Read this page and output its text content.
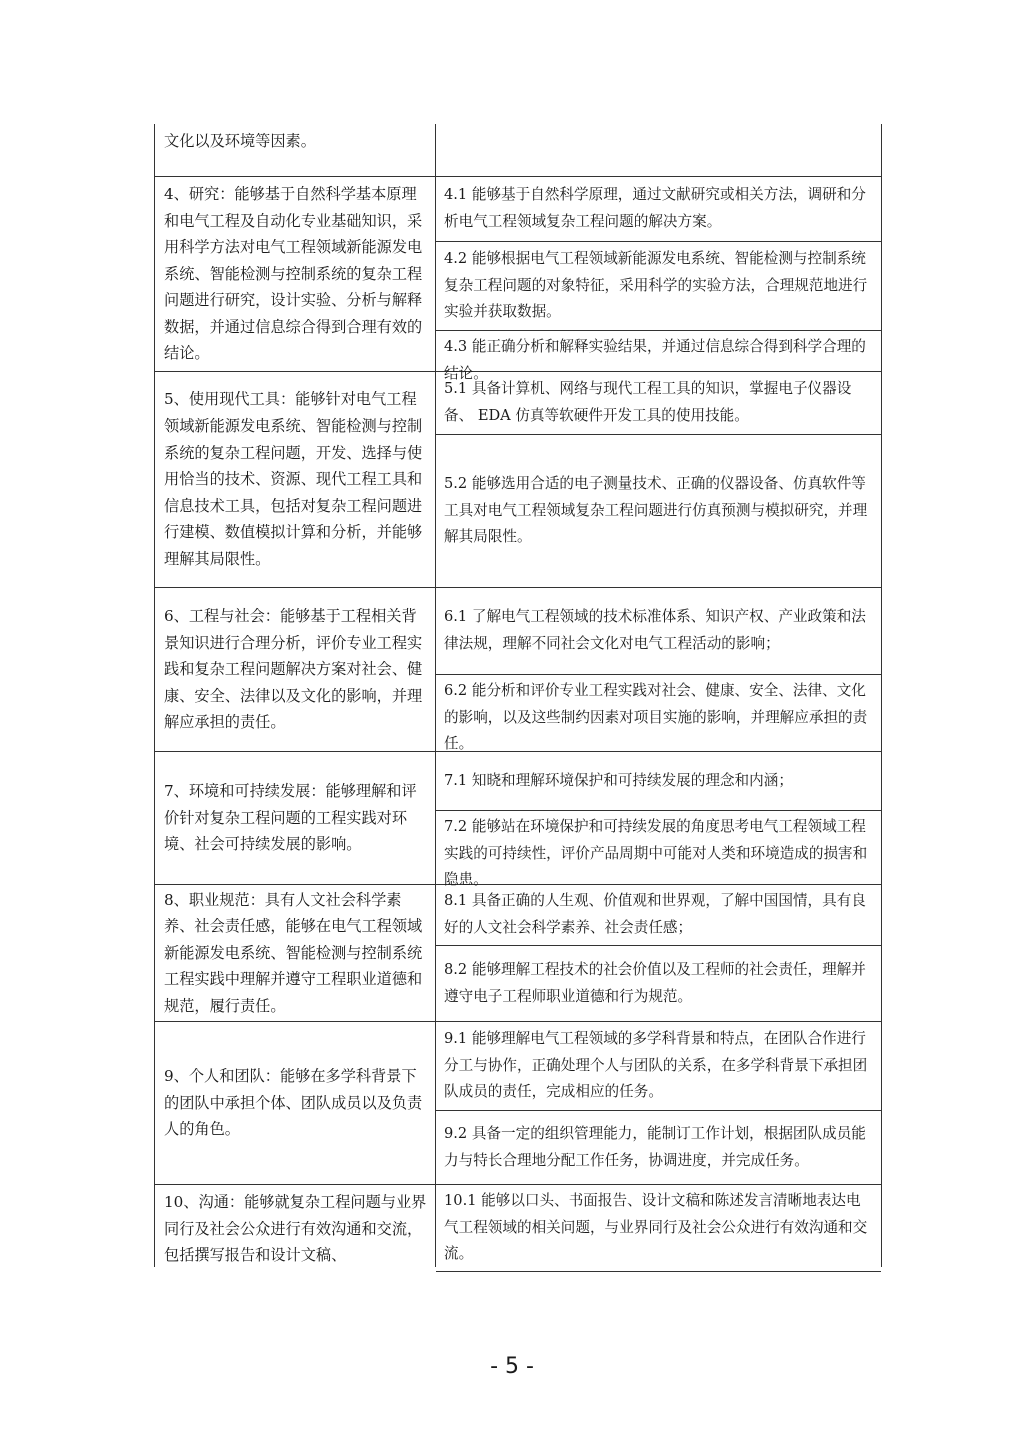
文化以及环境等因素。
4、研究：能够基于自然科学基本原理和电气工程及自动化专业基础知识，采用科学方法对电气工程领域新能源发电系统、智能检测与控制系统的复杂工程问题进行研究，设计实验、分析与解释数据，并通过信息综合得到合理有效的结论。
4.1 能够基于自然科学原理，通过文献研究或相关方法，调研和分析电气工程领域复杂工程问题的解决方案。
4.2 能够根据电气工程领域新能源发电系统、智能检测与控制系统复杂工程问题的对象特征，采用科学的实验方法，合理规范地进行实验并获取数据。
4.3 能正确分析和解释实验结果，并通过信息综合得到科学合理的结论。
5、使用现代工具：能够针对电气工程领域新能源发电系统、智能检测与控制系统的复杂工程问题，开发、选择与使用恰当的技术、资源、现代工程工具和信息技术工具，包括对复杂工程问题进行建模、数值模拟计算和分析，并能够理解其局限性。
5.1 具备计算机、网络与现代工程工具的知识，掌握电子仪器设备、 EDA 仿真等软硬件开发工具的使用技能。
5.2 能够选用合适的电子测量技术、正确的仪器设备、仿真软件等工具对电气工程领域复杂工程问题进行仿真预测与模拟研究，并理解其局限性。
6、工程与社会：能够基于工程相关背景知识进行合理分析，评价专业工程实践和复杂工程问题解决方案对社会、健康、安全、法律以及文化的影响，并理解应承担的责任。
6.1 了解电气工程领域的技术标准体系、知识产权、产业政策和法 律法规，理解不同社会文化对电气工程活动的影响；
6.2 能分析和评价专业工程实践对社会、健康、安全、法律、文化的影响，以及这些制约因素对项目实施的影响，并理解应承担的责任。
7、环境和可持续发展：能够理解和评价针对复杂工程问题的工程实践对环境、社会可持续发展的影响。
7.1 知晓和理解环境保护和可持续发展的理念和内涵；
7.2 能够站在环境保护和可持续发展的角度思考电气工程领域工程实践的可持续性，评价产品周期中可能对人类和环境造成的损害和隐患。
8、职业规范：具有人文社会科学素养、社会责任感，能够在电气工程领域新能源发电系统、智能检测与控制系统工程实践中理解并遵守工程职业道德和规范，履行责任。
8.1 具备正确的人生观、价值观和世界观，了解中国国情，具有良好的人文社会科学素养、社会责任感；
8.2 能够理解工程技术的社会价值以及工程师的社会责任，理解并遵守电子工程师职业道德和行为规范。
9、个人和团队：能够在多学科背景下的团队中承担个体、团队成员以及负责人的角色。
9.1 能够理解电气工程领域的多学科背景和特点，在团队合作进行分工与协作，正确处理个人与团队的关系，在多学科背景下承担团队成员的责任，完成相应的任务。
9.2 具备一定的组织管理能力，能制订工作计划，根据团队成员能力与特长合理地分配工作任务，协调进度，并完成任务。
10、沟通：能够就复杂工程问题与业界同行及社会公众进行有效沟通和交流，包括撰写报告和设计文稿、
10.1 能够以口头、书面报告、设计文稿和陈述发言清晰地表达电气工程领域的相关问题，与业界同行及社会公众进行有效沟通和交流。
- 5 -
